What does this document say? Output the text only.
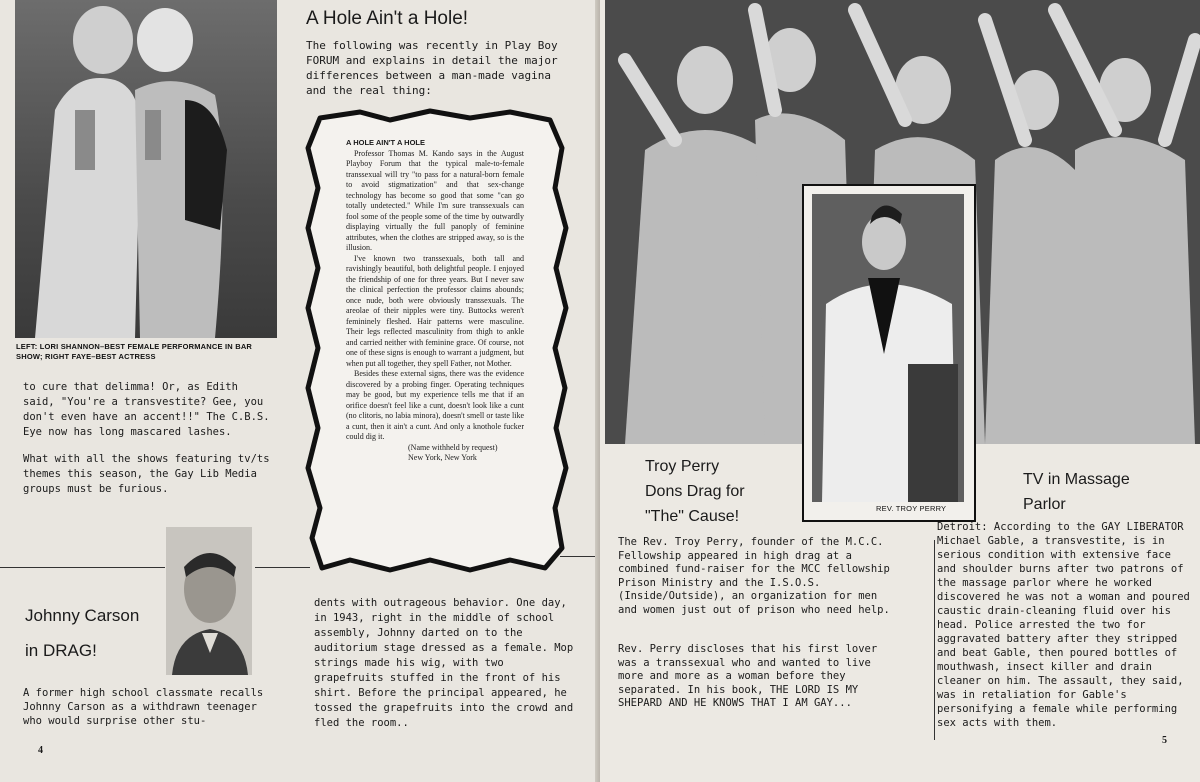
LEFT: LORI SHANNON–BEST FEMALE PERFORMANCE IN BAR SHOW; RIGHT FAYE–BEST ACTRESS
to cure that delimma! Or, as Edith said, "You're a transvestite? Gee, you don't even have an accent!!" The C.B.S. Eye now has long mascared lashes.
What with all the shows featuring tv/ts themes this season, the Gay Lib Media groups must be furious.
A Hole Ain't a Hole!
The following was recently in Play Boy FORUM and explains in detail the major differences between a man-made vagina and the real thing:
A HOLE AIN'T A HOLE
Professor Thomas M. Kando says in the August Playboy Forum that the typical male-to-female transsexual will try "to pass for a natural-born female to avoid stigmatization" and that sex-change technology has become so good that some "can go totally undetected." While I'm sure transsexuals can fool some of the people some of the time by outwardly displaying virtually the full panoply of feminine attributes, when the clothes are stripped away, so is the illusion.
I've known two transsexuals, both tall and ravishingly beautiful, both delightful people. I enjoyed the friendship of one for three years. But I never saw the clinical perfection the professor claims abounds; once nude, both were obviously transsexuals. The areolae of their nipples were tiny. Buttocks weren't femininely fleshed. Hair patterns were masculine. Their legs reflected masculinity from thigh to ankle and carried neither with feminine grace. Of course, not one of these signs is enough to warrant a judgment, but when put all together, they spell Father, not Mother.
Besides these external signs, there was the evidence discovered by a probing finger. Operating techniques may be good, but my experience tells me that if an orifice doesn't feel like a cunt, doesn't look like a cunt (no clitoris, no labia minora), doesn't smell or taste like a cunt, then it ain't a cunt. And only a knothole fucker could dig it.
(Name withheld by request)
New York, New York
Johnny Carson
in DRAG!
A former high school classmate recalls Johnny Carson as a withdrawn teenager who would surprise other stu-
dents with outrageous behavior. One day, in 1943, right in the middle of school assembly, Johnny darted on to the auditorium stage dressed as a female. Mop strings made his wig, with two grapefruits stuffed in the front of his shirt. Before the principal appeared, he tossed the grapefruits into the crowd and fled the room..
4
REV. TROY PERRY
Troy Perry
Dons Drag for
"The" Cause!
The Rev. Troy Perry, founder of the M.C.C. Fellowship appeared in high drag at a combined fund-raiser for the MCC fellowship Prison Ministry and the I.S.O.S. (Inside/Outside), an organization for men and women just out of prison who need help.
Rev. Perry discloses that his first lover was a transsexual who and wanted to live more and more as a woman before they separated. In his book, THE LORD IS MY SHEPARD AND HE KNOWS THAT I AM GAY...
TV in Massage
Parlor
Detroit: According to the GAY LIBERATOR Michael Gable, a transvestite, is in serious condition with extensive face and shoulder burns after two patrons of the massage parlor where he worked discovered he was not a woman and poured caustic drain-cleaning fluid over his head. Police arrested the two for aggravated battery after they stripped and beat Gable, then poured bottles of mouthwash, insect killer and drain cleaner on him. The assault, they said, was in retaliation for Gable's personifying a female while performing sex acts with them.
5
